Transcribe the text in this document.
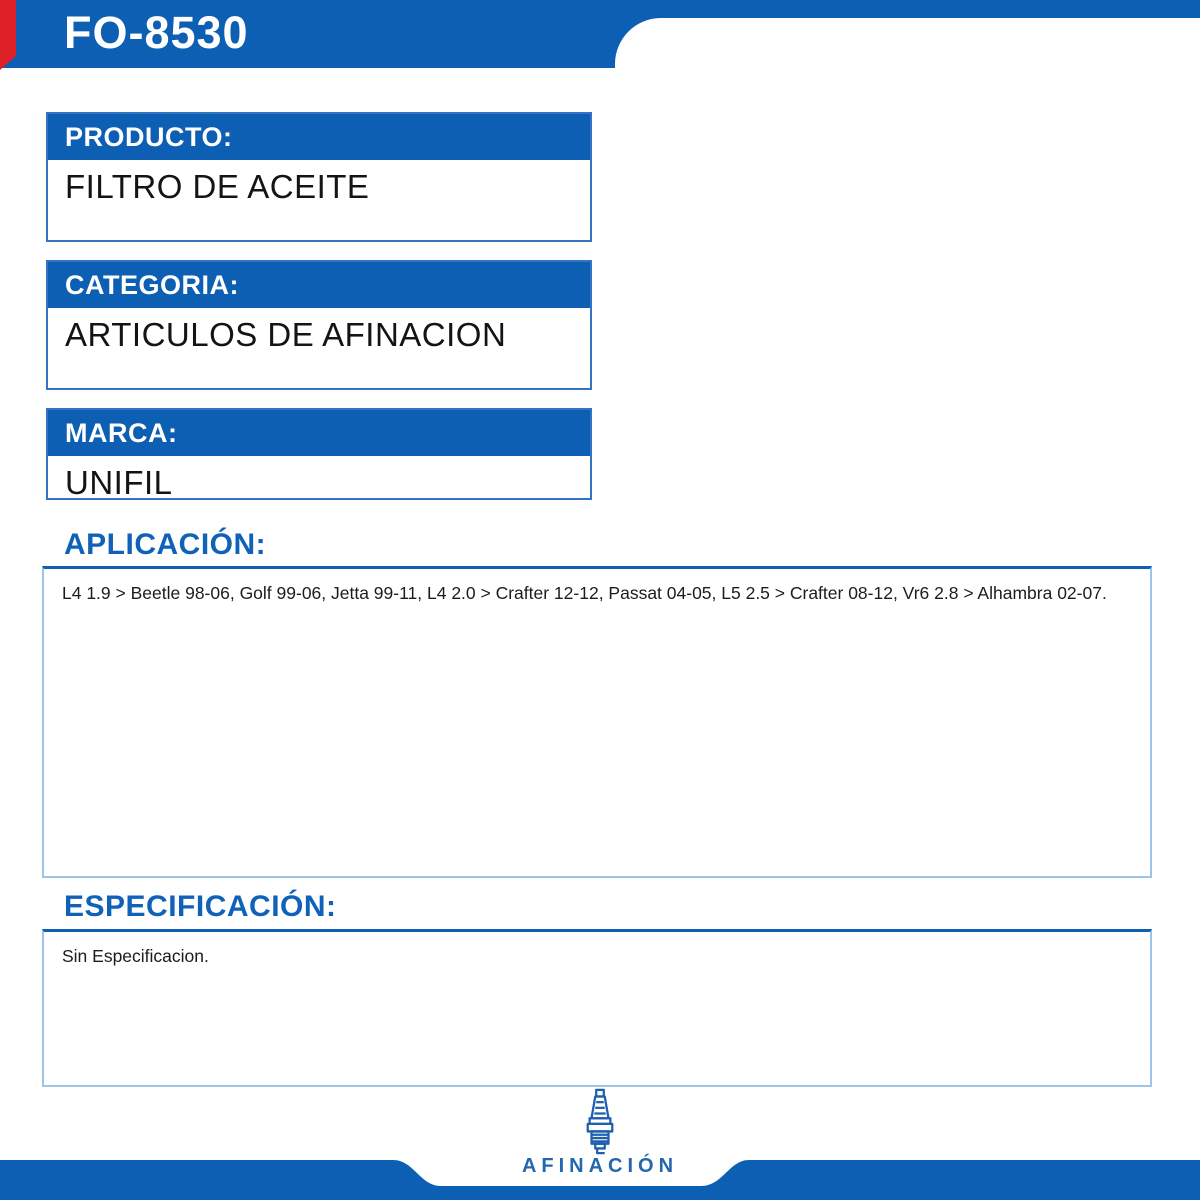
FO-8530
PRODUCTO:
FILTRO DE ACEITE
CATEGORIA:
ARTICULOS DE AFINACION
MARCA:
UNIFIL
APLICACIÓN:
L4 1.9 > Beetle 98-06, Golf 99-06, Jetta 99-11, L4 2.0 > Crafter 12-12, Passat 04-05, L5 2.5 > Crafter 08-12, Vr6 2.8 > Alhambra 02-07.
ESPECIFICACIÓN:
Sin Especificacion.
AFINACIÓN
